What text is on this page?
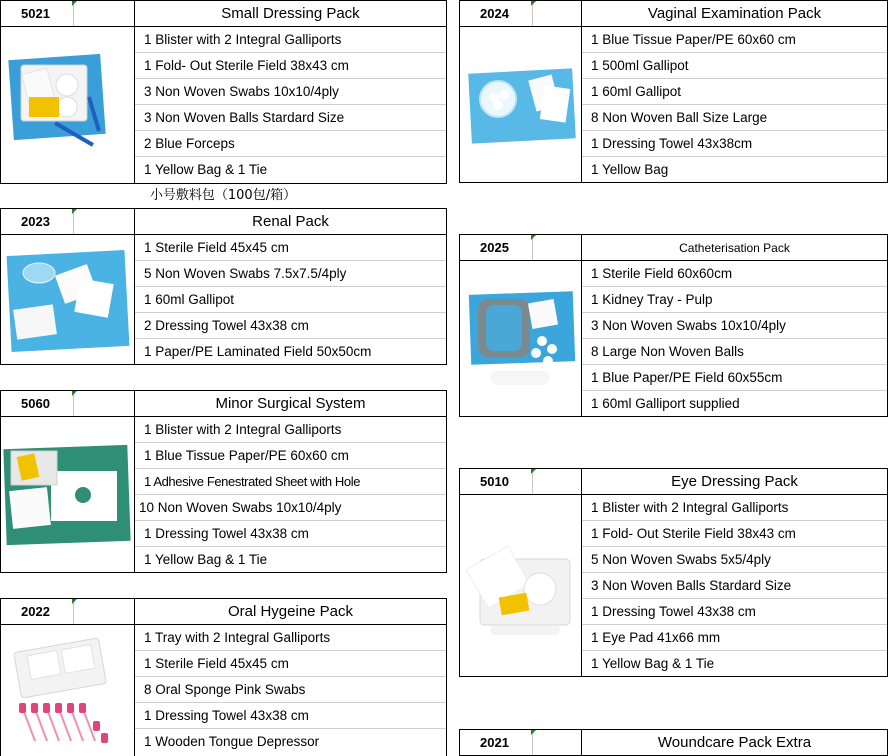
5021	Small Dressing Pack
1 Blister with 2 Integral Galliports
1 Fold- Out Sterile Field 38x43 cm
3 Non Woven Swabs 10x10/4ply
3 Non Woven Balls Stardard Size
2 Blue Forceps
1 Yellow Bag & 1 Tie
小号敷料包（100包/箱）
2023	Renal Pack
1 Sterile Field 45x45 cm
5 Non Woven Swabs 7.5x7.5/4ply
1 60ml Gallipot
2 Dressing Towel 43x38 cm
1 Paper/PE Laminated Field 50x50cm
5060	Minor Surgical System
1 Blister with 2 Integral Galliports
1 Blue Tissue Paper/PE 60x60 cm
1 Adhesive Fenestrated Sheet with Hole
10 Non Woven Swabs 10x10/4ply
1 Dressing Towel 43x38 cm
1 Yellow Bag & 1 Tie
2022	Oral Hygeine Pack
1 Tray with 2 Integral Galliports
1 Sterile Field 45x45 cm
8 Oral Sponge Pink Swabs
1 Dressing Towel 43x38 cm
1 Wooden Tongue Depressor
2024	Vaginal Examination Pack
1 Blue Tissue Paper/PE 60x60 cm
1 500ml Gallipot
1 60ml Gallipot
8 Non Woven Ball Size Large
1 Dressing Towel 43x38cm
1 Yellow Bag
2025	Catheterisation Pack
1 Sterile Field 60x60cm
1 Kidney Tray - Pulp
3 Non Woven Swabs 10x10/4ply
8 Large Non Woven Balls
1 Blue Paper/PE Field 60x55cm
1 60ml Galliport supplied
5010	Eye Dressing Pack
1 Blister with 2 Integral Galliports
1 Fold- Out Sterile Field 38x43 cm
5 Non Woven Swabs 5x5/4ply
3 Non Woven Balls Stardard Size
1 Dressing Towel 43x38 cm
1 Eye Pad 41x66 mm
1 Yellow Bag & 1 Tie
2021	Woundcare Pack Extra
